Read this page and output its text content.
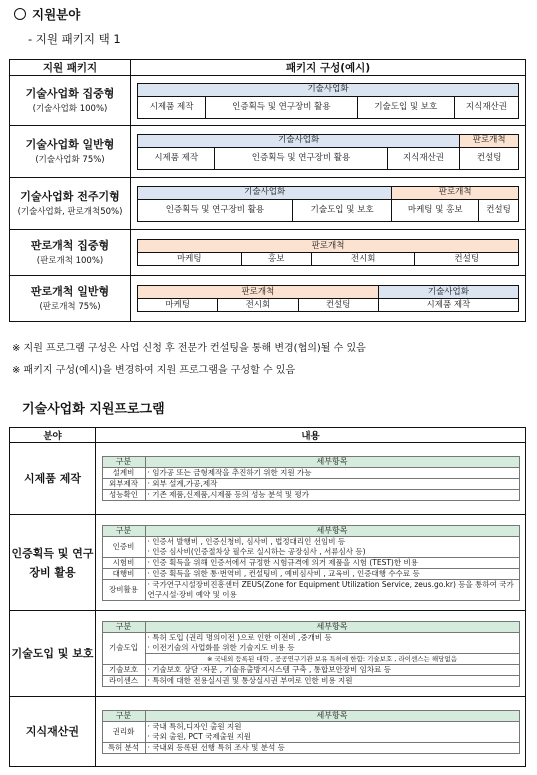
지원분야
- 지원 패키지 택 1
지원 패키지	패키지 구성(예시)

기술사업화 집중형
(기술사업화 100%)

기술사업화
시제품 제작	인증획득 및 연구장비 활용	기술도입 및 보호	지식재산권

기술사업화 일반형
(기술사업화 75%)

기술사업화	판로개척
시제품 제작	인증획득 및 연구장비 활용	지식재산권	컨설팅

기술사업화 전주기형
(기술사업화, 판로개척50%)

기술사업화	판로개척
인증획득 및 연구장비 활용	기술도입 및 보호	마케팅 및 홍보	컨설팅

판로개척 집중형
(판로개척 100%)

판로개척
마케팅	홍보	전시회	컨설팅

판로개척 일반형
(판로개척 75%)

판로개척	기술사업화
마케팅	전시회	컨설팅	시제품 제작
※ 지원 프로그램 구성은 사업 신청 후 전문가 컨설팅을 통해 변경(협의)될 수 있음
※ 패키지 구성(예시)을 변경하여 지원 프로그램을 구성할 수 있음
기술사업화 지원프로그램
분야	내용
시제품 제작	
구분	세부항목
설계비	· 임가공 또는 금형제작을 추진하기 위한 지원 가능
외부제작	· 외부 설계,가공,제작
성능확인	· 기존 제품,신제품,시제품 등의 성능 분석 및 평가

인증획득 및 연구장비 활용	
구분	세부항목
인증비	· 인증서 발행비 , 인증신청비, 심사비 , 법정대리인 선임비 등
· 인증 심사비(인증절차상 필수로 실시하는 공장심사 , 서류심사 등)
시험비	· 인증 획득을 위해 인증서에서 규정한 시험규격에 의거 제품을 시험 (TEST)한 비용
대행비	· 인증 획득을 위한 통·번역비 , 컨설팅비 , 예비심사비 , 교육비 , 인증대행 수수료 등
장비활용	· 국가연구시설장비진흥센터 ZEUS(Zone for Equipment Utilization Service, zeus.go.kr) 등을 통하여 국가연구시설·장비 예약 및 이용

기술도입 및 보호	
구분	세부항목
기술도입	· 특허 도입 (권리 명의이전 )으로 인한 이전비 ,중개비 등
· 이전기술의 사업화를 위한 기술지도 비용 등
※ 국내외 등록된 대학 , 공공연구기관 보유 특허에 한함: 기술보호 , 라이센스는 해당없음
기술보호	· 기술보호 상담 ·자문 , 기술유출방지시스템 구축 , 통합보안장비 임차료 등
라이센스	· 특허에 대한 전용실시권 및 통상실시권 부여로 인한 비용 지원

지식재산권	
구분	세부항목
권리화	· 국내 특허,디자인 출원 지원
· 국외 출원, PCT 국제출원 지원
특허 분석	· 국내외 등록된 선행 특허 조사 및 분석 등
